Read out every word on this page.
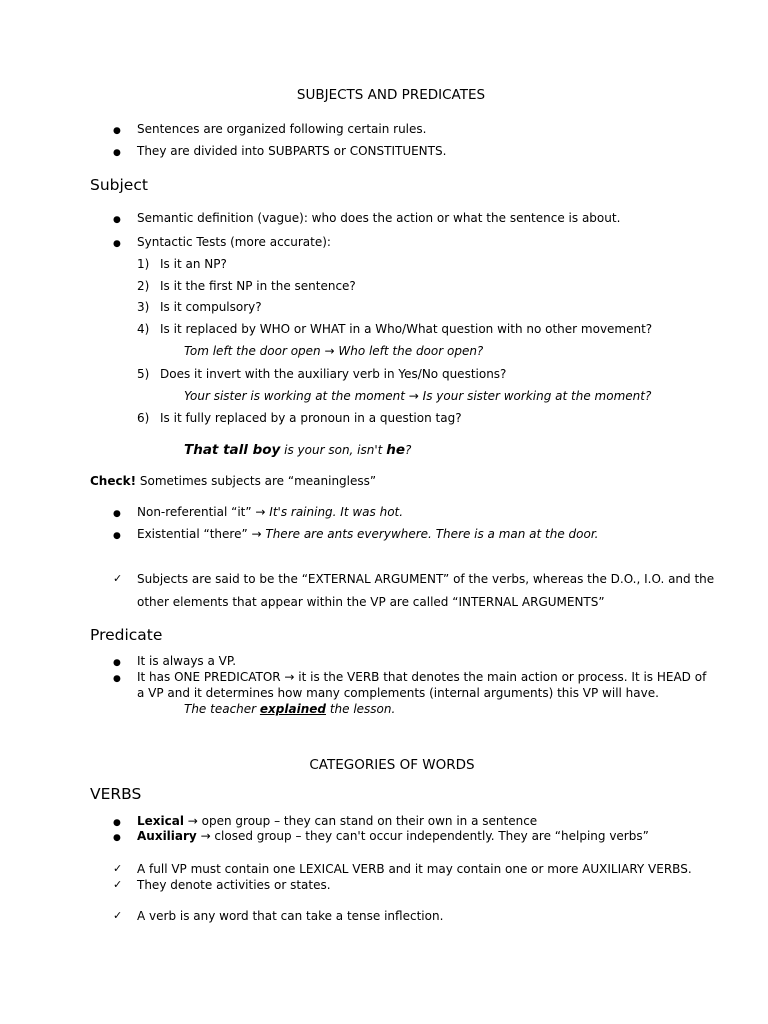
SUBJECTS AND PREDICATES
● Sentences are organized following certain rules.
● They are divided into SUBPARTS or CONSTITUENTS.
Subject
● Semantic definition (vague): who does the action or what the sentence is about.
● Syntactic Tests (more accurate):
1) Is it an NP?
2) Is it the first NP in the sentence?
3) Is it compulsory?
4) Is it replaced by WHO or WHAT in a Who/What question with no other movement?
Tom left the door open → Who left the door open?
5) Does it invert with the auxiliary verb in Yes/No questions?
Your sister is working at the moment → Is your sister working at the moment?
6) Is it fully replaced by a pronoun in a question tag?
That tall boy is your son, isn't he?
Check! Sometimes subjects are “meaningless”
● Non-referential “it” → It's raining. It was hot.
● Existential “there” → There are ants everywhere. There is a man at the door.
✓ Subjects are said to be the “EXTERNAL ARGUMENT” of the verbs, whereas the D.O., I.O. and the
other elements that appear within the VP are called “INTERNAL ARGUMENTS”
Predicate
● It is always a VP.
● It has ONE PREDICATOR → it is the VERB that denotes the main action or process. It is HEAD of
a VP and it determines how many complements (internal arguments) this VP will have.
The teacher explained the lesson.
CATEGORIES OF WORDS
VERBS
● Lexical → open group – they can stand on their own in a sentence
● Auxiliary → closed group – they can't occur independently. They are “helping verbs”
✓ A full VP must contain one LEXICAL VERB and it may contain one or more AUXILIARY VERBS.
✓ They denote activities or states.
✓ A verb is any word that can take a tense inflection.
